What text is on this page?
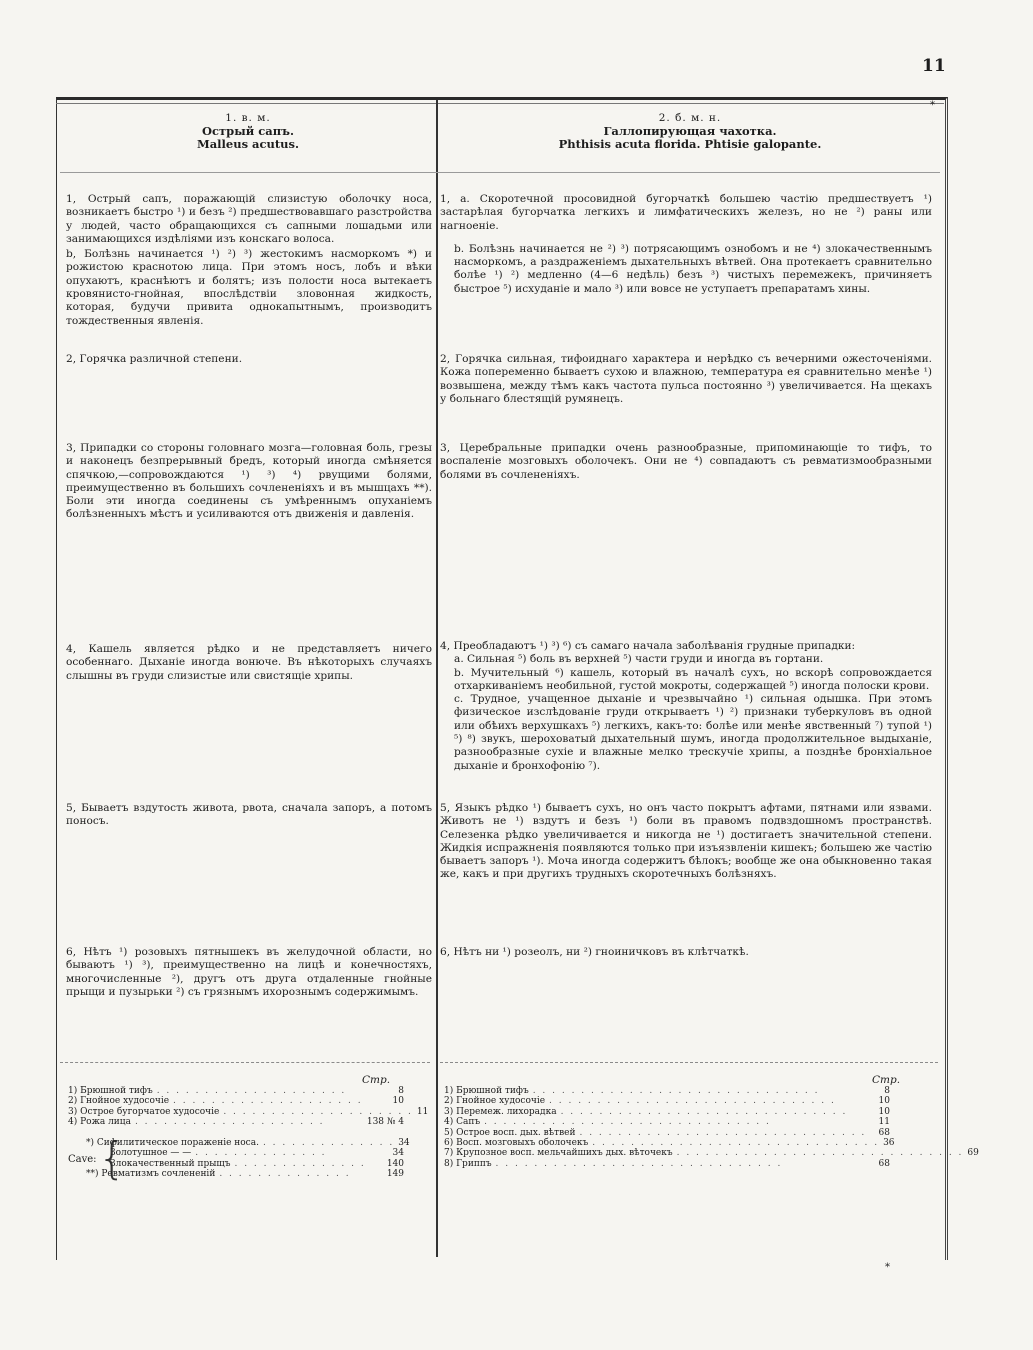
11
1. в. м.
Острый сапъ.
Malleus acutus.
2. б. м. н.
Галлопирующая чахотка.
Phthisis acuta florida. Phtisie galopante.

1, Острый сапъ, поражающій слизистую оболочку носа, возникаетъ быстро ¹) и безъ ²) предшествовавшаго разстройства у людей, часто обращающихся съ сапными лошадьми или занимающихся издѣліями изъ конскаго волоса.

b, Болѣзнь начинается ¹) ²) ³) жестокимъ насморкомъ *) и рожистою краснотою лица. При этомъ носъ, лобъ и вѣки опухаютъ, краснѣютъ и болятъ; изъ полости носа вытекаетъ кровянисто-гнойная, впослѣдствіи зловонная жидкость, которая, будучи привита однокапытнымъ, производитъ тождественныя явленія.

2, Горячка различной степени.

3, Припадки со стороны головнаго мозга—головная боль, грезы и наконецъ безпрерывный бредъ, который иногда смѣняется спячкою,—сопровождаются ¹) ³) ⁴) рвущими болями, преимущественно въ большихъ сочлененіяхъ и въ мышцахъ **). Боли эти иногда соединены съ умѣреннымъ опуханіемъ болѣзненныхъ мѣстъ и усиливаются отъ движенія и давленія.

4, Кашель является рѣдко и не представляетъ ничего особеннаго. Дыханіе иногда вонюче. Въ нѣкоторыхъ случаяхъ слышны въ груди слизистые или свистящіе хрипы.

5, Бываетъ вздутость живота, рвота, сначала запоръ, а потомъ поносъ.

6, Нѣтъ ¹) розовыхъ пятнышекъ въ желудочной области, но бываютъ ¹) ³), преимущественно на лицѣ и конечностяхъ, многочисленные ²), другъ отъ друга отдаленные гнойные прыщи и пузырьки ²) съ грязнымъ ихорознымъ содержимымъ.

1, a. Скоротечной просовидной бугорчаткѣ большею частію предшествуетъ ¹) застарѣлая бугорчатка легкихъ и лимфатическихъ железъ, но не ²) раны или нагноеніе.

b. Болѣзнь начинается не ²) ³) потрясающимъ ознобомъ и не ⁴) злокачественнымъ насморкомъ, а раздраженіемъ дыхательныхъ вѣтвей. Она протекаетъ сравнительно болѣе ¹) ²) медленно (4—6 недѣль) безъ ³) чистыхъ перемежекъ, причиняетъ быстрое ⁵) исхуданіе и мало ³) или вовсе не уступаетъ препаратамъ хины.

2, Горячка сильная, тифоиднаго характера и нерѣдко съ вечерними ожесточеніями. Кожа попеременно бываетъ сухою и влажною, температура ея сравнительно менѣе ¹) возвышена, между тѣмъ какъ частота пульса постоянно ³) увеличивается. На щекахъ у больнаго блестящій румянецъ.

3, Церебральные припадки очень разнообразные, припоминающіе то тифъ, то воспаленіе мозговыхъ оболочекъ. Они не ⁴) совпадаютъ съ ревматизмообразными болями въ сочлененіяхъ.

4, Преобладаютъ ¹) ³) ⁶) съ самаго начала заболѣванія грудные припадки:

a. Сильная ⁵) боль въ верхней ⁵) части груди и иногда въ гортани.

b. Мучительный ⁶) кашель, который въ началѣ сухъ, но вскорѣ сопровождается отхаркиваніемъ необильной, густой мокроты, содержащей ⁵) иногда полоски крови.

c. Трудное, учащенное дыханіе и чрезвычайно ¹) сильная одышка. При этомъ физическое изслѣдованіе груди открываетъ ¹) ²) признаки туберкуловъ въ одной или обѣихъ верхушкахъ ⁵) легкихъ, какъ-то: болѣе или менѣе явственный ⁷) тупой ¹) ⁵) ⁸) звукъ, шероховатый дыхательный шумъ, иногда продолжительное выдыханіе, разнообразные сухіе и влажные мелко трескучіе хрипы, а позднѣе бронхіальное дыханіе и бронхофонію ⁷).

5, Языкъ рѣдко ¹) бываетъ сухъ, но онъ часто покрытъ афтами, пятнами или язвами. Животъ не ¹) вздутъ и безъ ¹) боли въ правомъ подвздошномъ пространствѣ. Селезенка рѣдко увеличивается и никогда не ¹) достигаетъ значительной степени. Жидкія испражненія появляются только при изъязвленіи кишекъ; большею же частію бываетъ запоръ ¹). Моча иногда содержитъ бѣлокъ; вообще же она обыкновенно такая же, какъ и при другихъ трудныхъ скоротечныхъ болѣзняхъ.

6, Нѣтъ ни ¹) розеолъ, ни ²) гноиничковъ въ клѣтчаткѣ.

Стр.
1) Брюшной тифъ . . . . . . . . . . . . . . . . . . . .	8
2) Гнойное худосочіе . . . . . . . . . . . . . . . . . . . .	10
3) Острое бугорчатое худосочіе . . . . . . . . . . . . . . . . . . . . 11
4) Рожа лица . . . . . . . . . . . . . . . . . . . .	138 № 4
Cave: {
*) Сифилитическое пораженіе носа. . . . . . . . . . . . . . . 34
Золотушное — — . . . . . . . . . . . . . .	34
Злокачественный прыщъ . . . . . . . . . . . . . .	140
**) Ревматизмъ сочлененій . . . . . . . . . . . . . .	149
Стр.
1) Брюшной тифъ . . . . . . . . . . . . . . . . . . . . . . . . . . . . . .	8
2) Гнойное худосочіе . . . . . . . . . . . . . . . . . . . . . . . . . . . . . .	10
3) Перемеж. лихорадка . . . . . . . . . . . . . . . . . . . . . . . . . . . . . .	10
4) Сапъ . . . . . . . . . . . . . . . . . . . . . . . . . . . . . .	11
5) Острое восп. дых. вѣтвей . . . . . . . . . . . . . . . . . . . . . . . . . . . . . .	68
6) Восп. мозговыхъ оболочекъ . . . . . . . . . . . . . . . . . . . . . . . . . . . . . . 36
7) Крупозное восп. мельчайшихъ дых. вѣточекъ . . . . . . . . . . . . . . . . . . . . . . . . . . . . . . 69
8) Гриппъ . . . . . . . . . . . . . . . . . . . . . . . . . . . . . .	68
*
*
